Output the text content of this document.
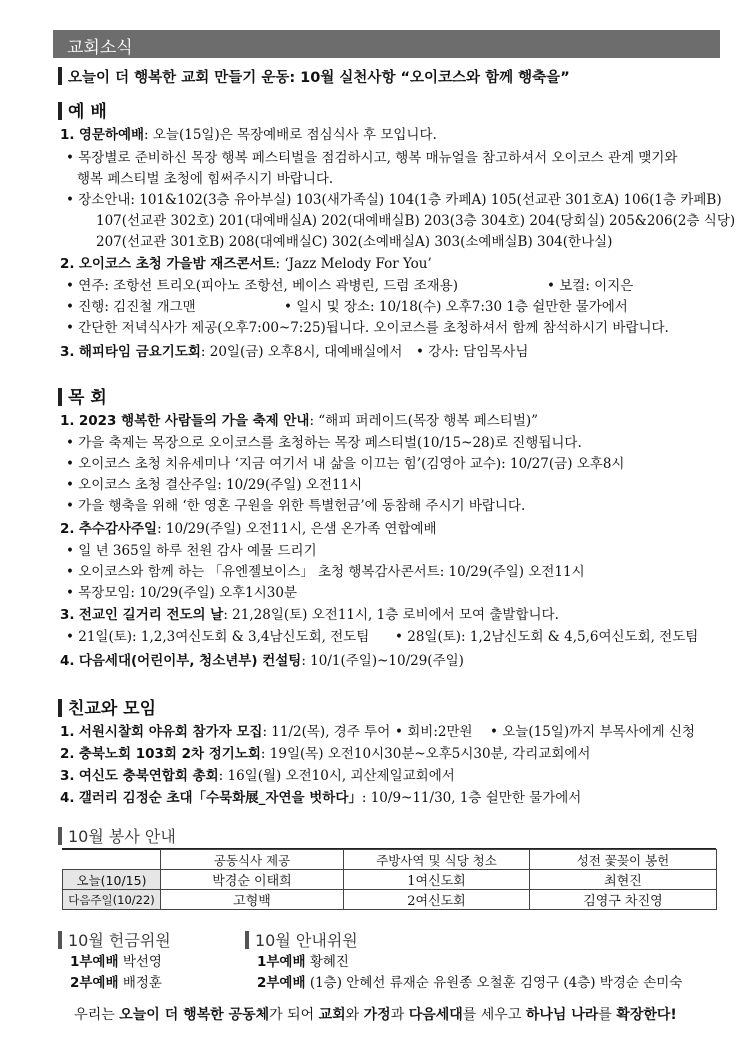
교회소식
오늘이 더 행복한 교회 만들기 운동: 10월 실천사항 “오이코스와 함께 행축을”
예 배
1. 영문하예배: 오늘(15일)은 목장예배로 점심식사 후 모입니다.
• 목장별로 준비하신 목장 행복 페스티벌을 점검하시고, 행복 매뉴얼을 참고하셔서 오이코스 관계 맺기와
행복 페스티벌 초청에 힘써주시기 바랍니다.
• 장소안내: 101&102(3층 유아부실) 103(새가족실) 104(1층 카페A) 105(선교관 301호A) 106(1층 카페B)
107(선교관 302호) 201(대예배실A) 202(대예배실B) 203(3층 304호) 204(당회실) 205&206(2층 식당)
207(선교관 301호B) 208(대예배실C) 302(소예배실A) 303(소예배실B) 304(한나실)
2. 오이코스 초청 가을밤 재즈콘서트: ‘Jazz Melody For You’
• 연주: 조항선 트리오(피아노 조항선, 베이스 곽병린, 드럼 조재용)	• 보컬: 이지은
• 진행: 김진철 개그맨	• 일시 및 장소: 10/18(수) 오후7:30 1층 쉴만한 물가에서
• 간단한 저녁식사가 제공(오후7:00~7:25)됩니다. 오이코스를 초청하셔서 함께 참석하시기 바랍니다.
3. 해피타임 금요기도회: 20일(금) 오후8시, 대예배실에서 • 강사: 담임목사님
목 회
1. 2023 행복한 사람들의 가을 축제 안내: “해피 퍼레이드(목장 행복 페스티벌)”
• 가을 축제는 목장으로 오이코스를 초청하는 목장 페스티벌(10/15~28)로 진행됩니다.
• 오이코스 초청 치유세미나 ‘지금 여기서 내 삶을 이끄는 힘’(김영아 교수): 10/27(금) 오후8시
• 오이코스 초청 결산주일: 10/29(주일) 오전11시
• 가을 행축을 위해 ‘한 영혼 구원을 위한 특별헌금’에 동참해 주시기 바랍니다.
2. 추수감사주일: 10/29(주일) 오전11시, 은샘 온가족 연합예배
• 일 년 365일 하루 천원 감사 예물 드리기
• 오이코스와 함께 하는 「유엔젤보이스」 초청 행복감사콘서트: 10/29(주일) 오전11시
• 목장모임: 10/29(주일) 오후1시30분
3. 전교인 길거리 전도의 날: 21,28일(토) 오전11시, 1층 로비에서 모여 출발합니다.
• 21일(토): 1,2,3여신도회 & 3,4남신도회, 전도팀 • 28일(토): 1,2남신도회 & 4,5,6여신도회, 전도팀
4. 다음세대(어린이부, 청소년부) 컨설팅: 10/1(주일)~10/29(주일)
친교와 모임
1. 서원시찰회 야유회 참가자 모집: 11/2(목), 경주 투어 • 회비:2만원 • 오늘(15일)까지 부목사에게 신청
2. 충북노회 103회 2차 정기노회: 19일(목) 오전10시30분~오후5시30분, 각리교회에서
3. 여신도 충북연합회 총회: 16일(월) 오전10시, 괴산제일교회에서
4. 갤러리 김정순 초대「수묵화展_자연을 벗하다」: 10/9~11/30, 1층 쉴만한 물가에서
10월 봉사 안내
	공동식사 제공	주방사역 및 식당 청소	성전 꽃꽂이 봉헌
오늘(10/15)	박경순 이태희	1여신도회	최현진
다음주일(10/22)	고형백	2여신도회	김영구 차진영
10월 헌금위원
1부예배 박선영
2부예배 배정훈
10월 안내위원
1부예배 황혜진
2부예배 (1층) 안혜선 류재순 유원종 오철훈 김영구 (4층) 박경순 손미숙
우리는 오늘이 더 행복한 공동체가 되어 교회와 가정과 다음세대를 세우고 하나님 나라를 확장한다!
